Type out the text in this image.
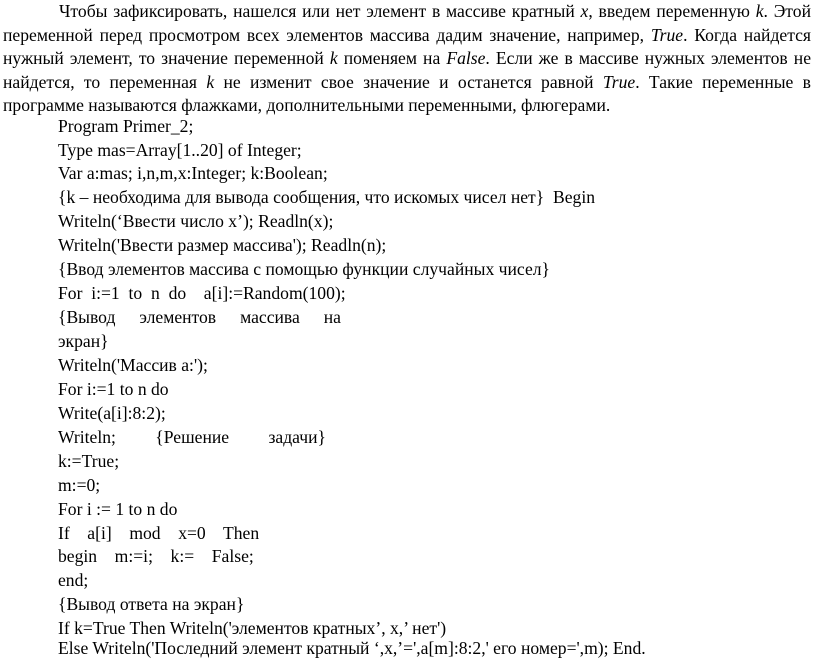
Чтобы зафиксировать, нашелся или нет элемент в массиве кратный x, введем переменную k. Этой переменной перед просмотром всех элементов массива дадим значение, например, True. Когда найдется нужный элемент, то значение переменной k поменяем на False. Если же в массиве нужных элементов не найдется, то переменная k не изменит свое значение и останется равной True. Такие переменные в программе называются флажками, дополнительными переменными, флюгерами.

Program Primer_2;
Type mas=Array[1..20] of Integer;
Var a:mas; i,n,m,x:Integer; k:Boolean;
{k – необходима для вывода сообщения, что искомых чисел нет}  Begin
Writeln(‘Ввести число х’); Readln(x);
Writeln('Ввести размер массива'); Readln(n);
{Ввод элементов массива с помощью функции случайных чисел}
For  i:=1  to  n  do    a[i]:=Random(100);
{Вывод элементов массива на
экран}
Writeln('Массив a:');
For i:=1 to n do
Write(a[i]:8:2);
Writeln; {Решение задачи}
k:=True;
m:=0;
For i := 1 to n do
If    a[i]    mod    x=0    Then
begin    m:=i;    k:=    False;
end;
{Вывод ответа на экран}
If k=True Then Writeln('элементов кратных’, x,’ нет')
Else Writeln('Последний элемент кратный ‘,x,’=',a[m]:8:2,' его номер=',m); End.
